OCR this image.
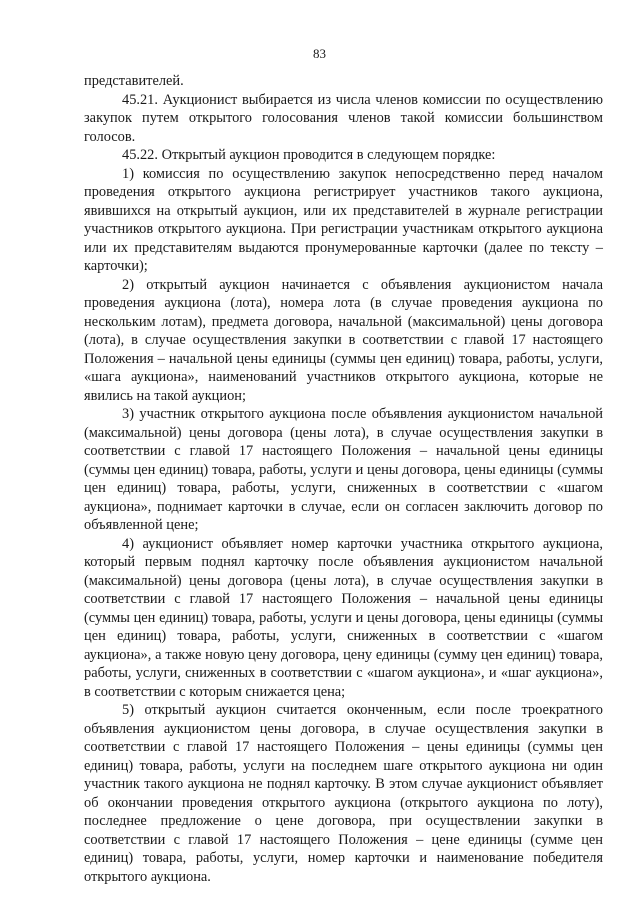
83

представителей.

45.21. Аукционист выбирается из числа членов комиссии по осуществлению закупок путем открытого голосования членов такой комиссии большинством голосов.

45.22. Открытый аукцион проводится в следующем порядке:

1) комиссия по осуществлению закупок непосредственно перед началом проведения открытого аукциона регистрирует участников такого аукциона, явившихся на открытый аукцион, или их представителей в журнале регистрации участников открытого аукциона. При регистрации участникам открытого аукциона или их представителям выдаются пронумерованные карточки (далее по тексту – карточки);

2) открытый аукцион начинается с объявления аукционистом начала проведения аукциона (лота), номера лота (в случае проведения аукциона по нескольким лотам), предмета договора, начальной (максимальной) цены договора (лота), в случае осуществления закупки в соответствии с главой 17 настоящего Положения – начальной цены единицы (суммы цен единиц) товара, работы, услуги, «шага аукциона», наименований участников открытого аукциона, которые не явились на такой аукцион;

3) участник открытого аукциона после объявления аукционистом начальной (максимальной) цены договора (цены лота), в случае осуществления закупки в соответствии с главой 17 настоящего Положения – начальной цены единицы (суммы цен единиц) товара, работы, услуги и цены договора, цены единицы (суммы цен единиц) товара, работы, услуги, сниженных в соответствии с «шагом аукциона», поднимает карточки в случае, если он согласен заключить договор по объявленной цене;

4) аукционист объявляет номер карточки участника открытого аукциона, который первым поднял карточку после объявления аукционистом начальной (максимальной) цены договора (цены лота), в случае осуществления закупки в соответствии с главой 17 настоящего Положения – начальной цены единицы (суммы цен единиц) товара, работы, услуги и цены договора, цены единицы (суммы цен единиц) товара, работы, услуги, сниженных в соответствии с «шагом аукциона», а также новую цену договора, цену единицы (сумму цен единиц) товара, работы, услуги, сниженных в соответствии с «шагом аукциона», и «шаг аукциона», в соответствии с которым снижается цена;

5) открытый аукцион считается оконченным, если после троекратного объявления аукционистом цены договора, в случае осуществления закупки в соответствии с главой 17 настоящего Положения – цены единицы (суммы цен единиц) товара, работы, услуги на последнем шаге открытого аукциона ни один участник такого аукциона не поднял карточку. В этом случае аукционист объявляет об окончании проведения открытого аукциона (открытого аукциона по лоту), последнее предложение о цене договора, при осуществлении закупки в соответствии с главой 17 настоящего Положения – цене единицы (сумме цен единиц) товара, работы, услуги, номер карточки и наименование победителя открытого аукциона.
